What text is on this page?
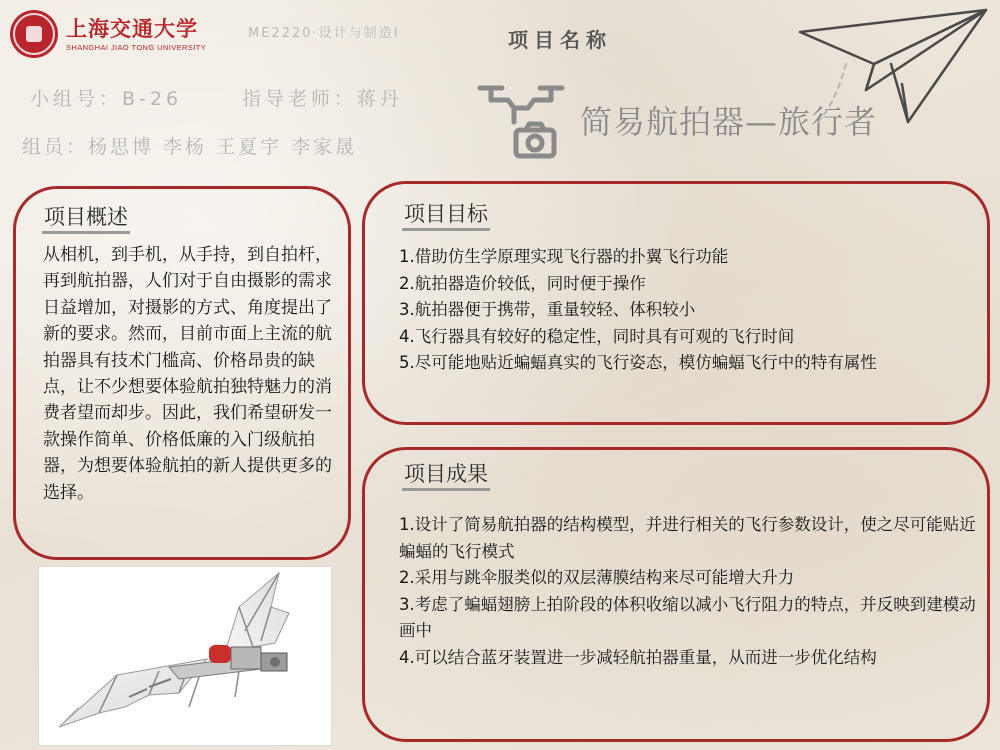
上海交通大学
SHANGHAI JIAO TONG UNIVERSITY
ME2220·设计与制造Ⅰ
小组号：B-26	指导老师：蒋丹
组员：杨思博 李杨 王夏宇 李家晟
项目名称
简易航拍器—旅行者
项目概述
从相机，到手机，从手持，到自拍杆，再到航拍器，人们对于自由摄影的需求日益增加，对摄影的方式、角度提出了新的要求。然而，目前市面上主流的航拍器具有技术门槛高、价格昂贵的缺点，让不少想要体验航拍独特魅力的消费者望而却步。因此，我们希望研发一款操作简单、价格低廉的入门级航拍器，为想要体验航拍的新人提供更多的选择。
项目目标
1.借助仿生学原理实现飞行器的扑翼飞行功能
2.航拍器造价较低，同时便于操作
3.航拍器便于携带，重量较轻、体积较小
4.飞行器具有较好的稳定性，同时具有可观的飞行时间
5.尽可能地贴近蝙蝠真实的飞行姿态，模仿蝙蝠飞行中的特有属性
项目成果
1.设计了简易航拍器的结构模型，并进行相关的飞行参数设计，使之尽可能贴近蝙蝠的飞行模式
2.采用与跳伞服类似的双层薄膜结构来尽可能增大升力
3.考虑了蝙蝠翅膀上拍阶段的体积收缩以减小飞行阻力的特点，并反映到建模动画中
4.可以结合蓝牙装置进一步减轻航拍器重量，从而进一步优化结构
